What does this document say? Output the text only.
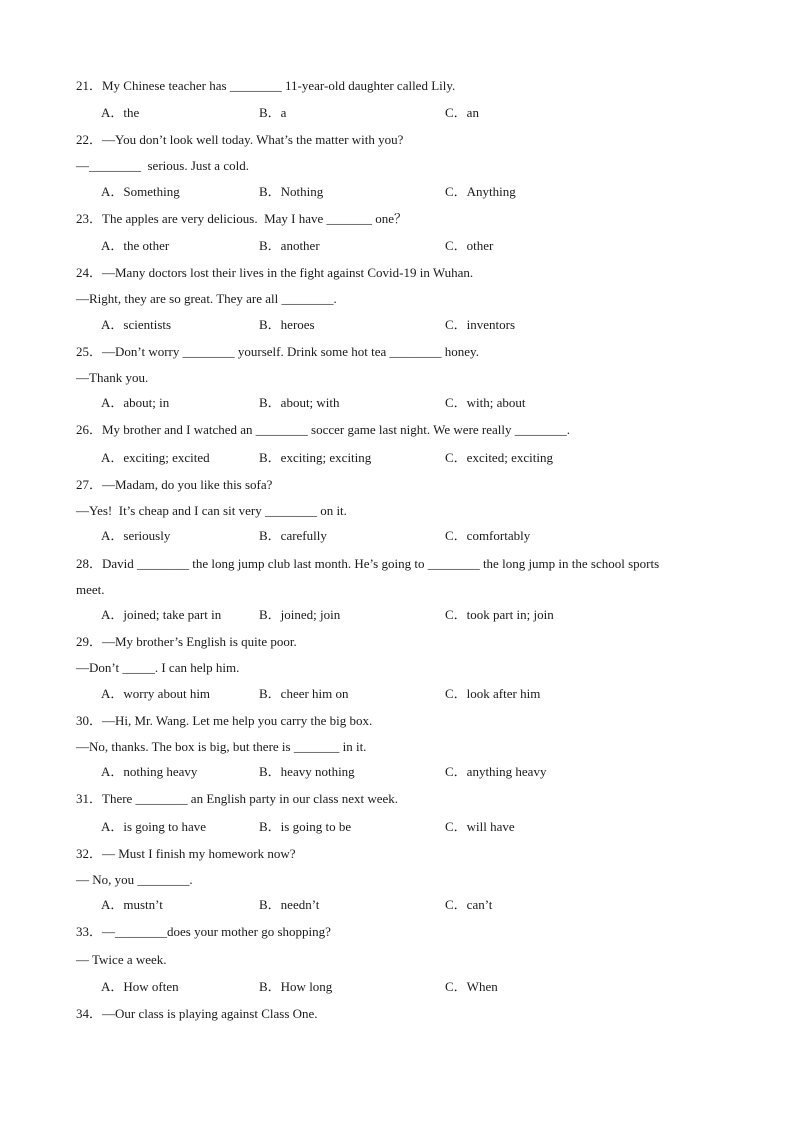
21．My Chinese teacher has ________ 11-year-old daughter called Lily.
A．the	B．a	C．an
22．—You don’t look well today. What’s the matter with you?
—________  serious. Just a cold.
A．Something	B．Nothing	C．Anything
23．The apples are very delicious.  May I have _______ one？
A．the other	B．another	C．other
24．—Many doctors lost their lives in the fight against Covid-19 in Wuhan.
—Right, they are so great. They are all ________.
A．scientists	B．heroes	C．inventors
25．—Don’t worry ________ yourself. Drink some hot tea ________ honey.
—Thank you.
A．about; in	B．about; with	C．with; about
26．My brother and I watched an ________ soccer game last night. We were really ________.
A．exciting; excited	B．exciting; exciting	C．excited; exciting
27．—Madam, do you like this sofa?
—Yes!  It’s cheap and I can sit very ________ on it.
A．seriously	B．carefully	C．comfortably
28．David ________ the long jump club last month. He’s going to ________ the long jump in the school sports
meet.
A．joined; take part in	B．joined; join	C．took part in; join
29．—My brother’s English is quite poor.
—Don’t _____. I can help him.
A．worry about him	B．cheer him on	C．look after him
30．—Hi, Mr. Wang. Let me help you carry the big box.
—No, thanks. The box is big, but there is _______ in it.
A．nothing heavy	B．heavy nothing	C．anything heavy
31．There ________ an English party in our class next week.
A．is going to have	B．is going to be	C．will have
32．— Must I finish my homework now?
— No, you ________.
A．mustn’t	B．needn’t	C．can’t
33．—________does your mother go shopping?
— Twice a week.
A．How often	B．How long	C．When
34．—Our class is playing against Class One.
